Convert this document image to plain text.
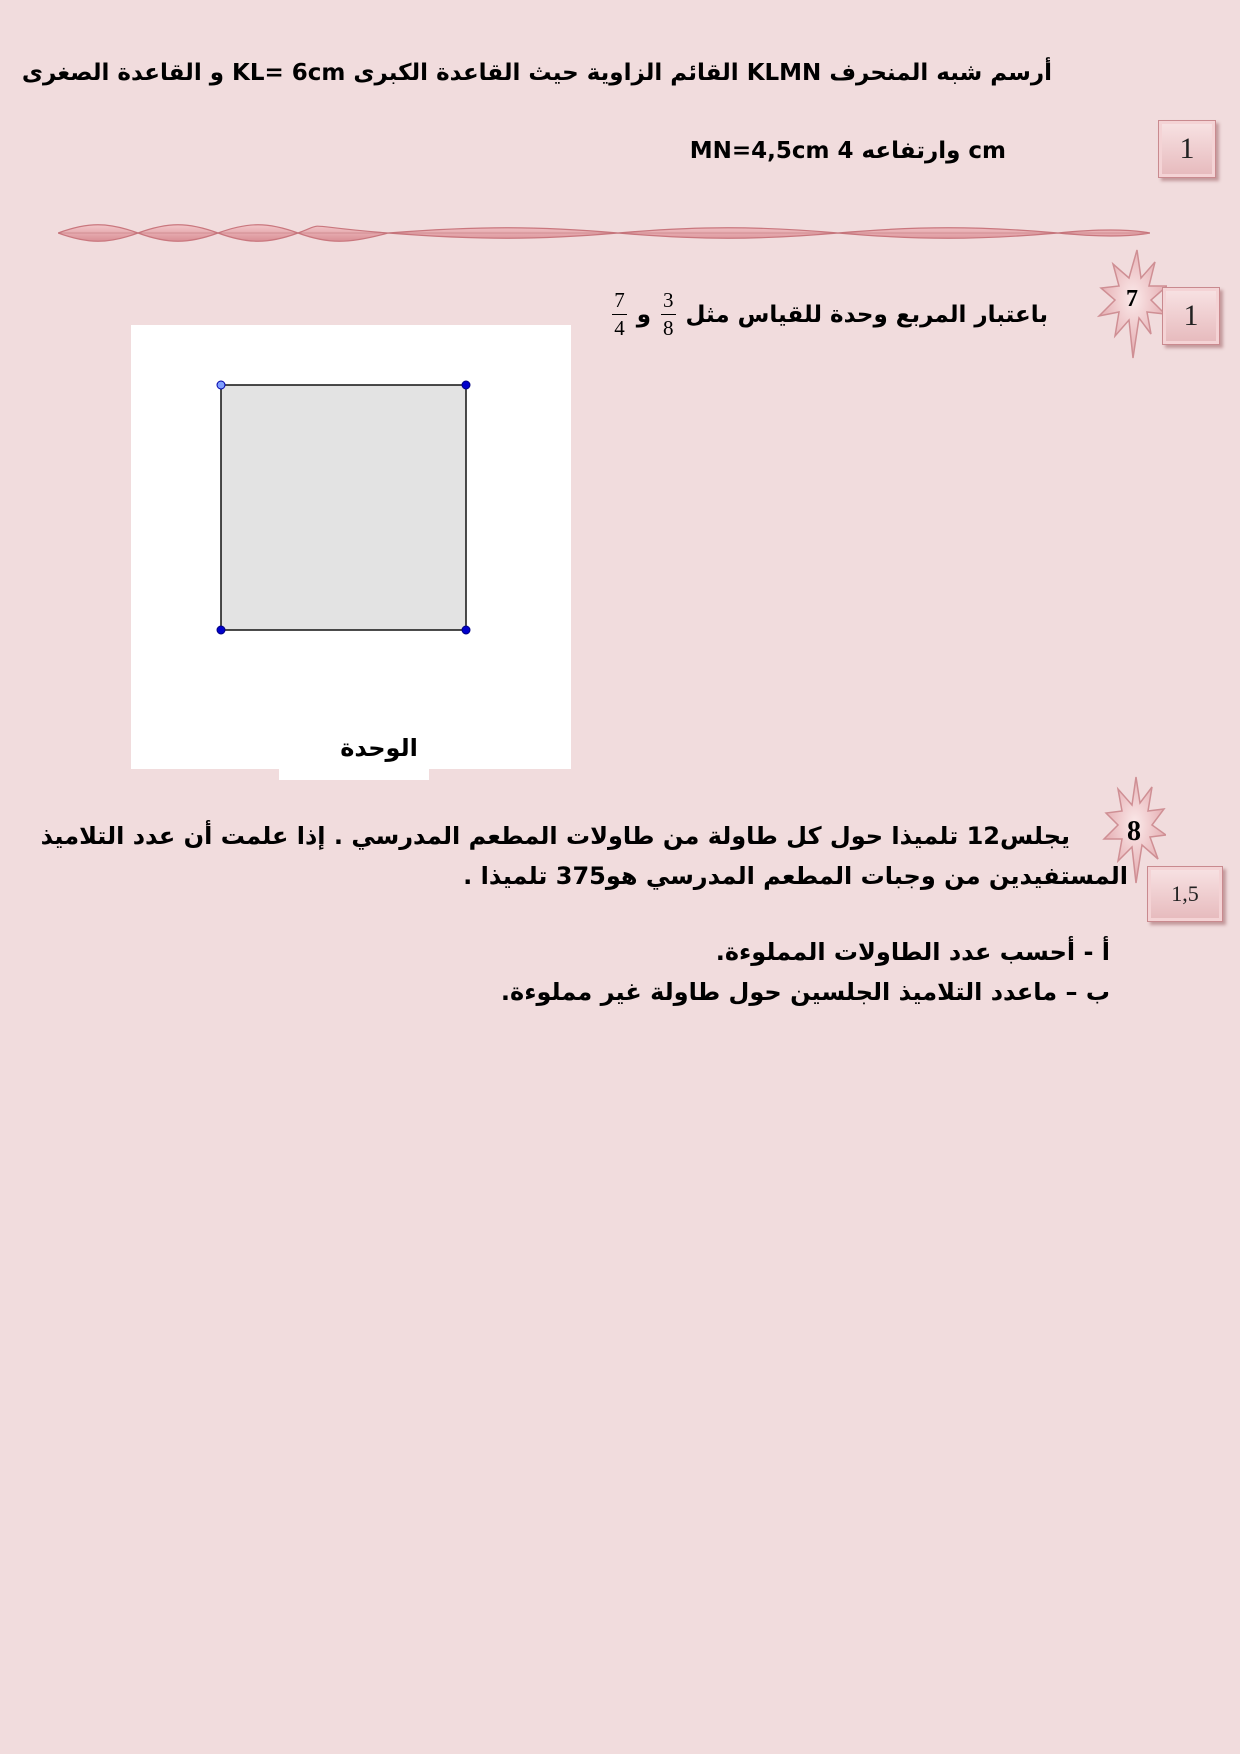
أرسم شبه المنحرف KLMN القائم الزاوية حيث القاعدة الكبرى KL= 6cm و القاعدة الصغرى
MN=4,5cm وارتفاعه 4 cm	1
7	1
باعتبار المربع وحدة للقياس مثل
$\frac{3}{8}$
و
$\frac{7}{4}$
الوحدة
8
1,5
يجلس12 تلميذا حول كل طاولة من طاولات المطعم المدرسي . إذا علمت أن عدد التلاميذ
المستفيدين من وجبات المطعم المدرسي هو375 تلميذا .
أ - أحسب عدد الطاولات المملوءة.
ب – ماعدد التلاميذ الجلسين حول طاولة غير مملوءة.
